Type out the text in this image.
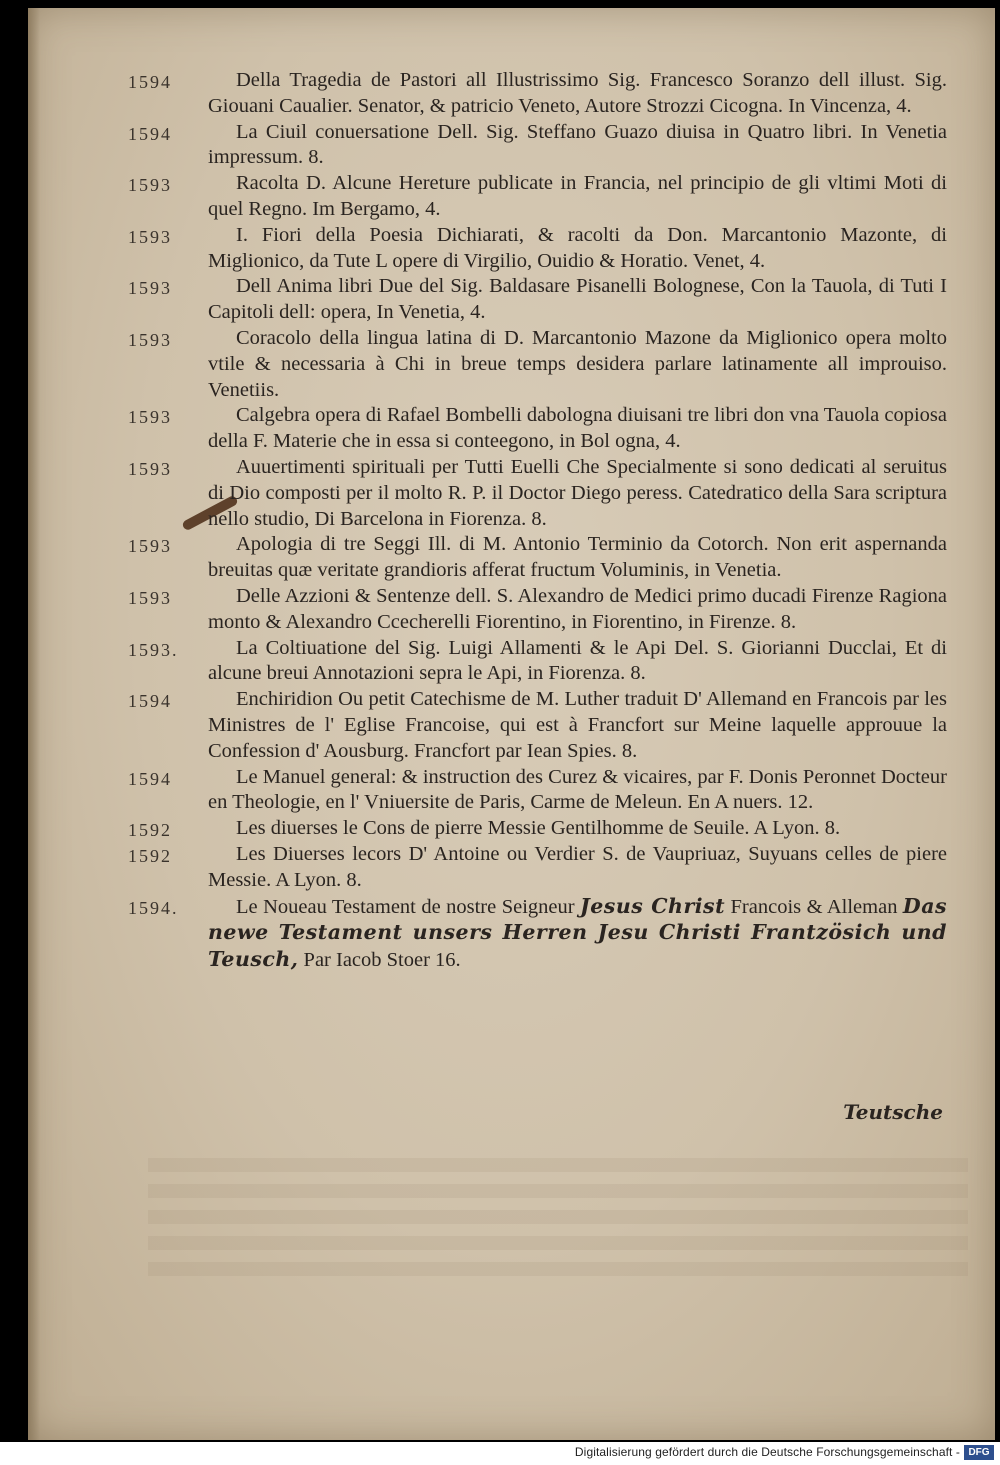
1594	Della Tragedia de Pastori all Illustrissimo Sig. Francesco Soranzo dell illust. Sig. Giouani Caualier. Senator, & patricio Veneto, Autore Strozzi Cicogna. In Vincenza, 4.
1594	La Ciuil conuersatione Dell. Sig. Steffano Guazo diuisa in Quatro libri. In Venetia impressum. 8.
1593	Racolta D. Alcune Hereture publicate in Francia, nel principio de gli vltimi Moti di quel Regno. Im Bergamo, 4.
1593	I. Fiori della Poesia Dichiarati, & racolti da Don. Marcantonio Mazonte, di Miglionico, da Tute L opere di Virgilio, Ouidio & Horatio. Venet, 4.
1593	Dell Anima libri Due del Sig. Baldasare Pisanelli Bolognese, Con la Tauola, di Tuti I Capitoli dell: opera, In Venetia, 4.
1593	Coracolo della lingua latina di D. Marcantonio Mazone da Miglionico opera molto vtile & necessaria à Chi in breue temps desidera parlare latinamente all improuiso. Venetiis.
1593	Calgebra opera di Rafael Bombelli dabologna diuisani tre libri don vna Tauola copiosa della F. Materie che in essa si conteegono, in Bol ogna, 4.
1593	Auuertimenti spirituali per Tutti Euelli Che Specialmente si sono dedicati al seruitus di Dio composti per il molto R. P. il Doctor Diego peress. Catedratico della Sara scriptura nello studio, Di Barcelona in Fiorenza. 8.
1593	Apologia di tre Seggi Ill. di M. Antonio Terminio da Cotorch. Non erit aspernanda breuitas quæ veritate grandioris afferat fructum Voluminis, in Venetia.
1593	Delle Azzioni & Sentenze dell. S. Alexandro de Medici primo ducadi Firenze Ragiona monto & Alexandro Ccecherelli Fiorentino, in Fiorentino, in Firenze. 8.
1593.	La Coltiuatione del Sig. Luigi Allamenti & le Api Del. S. Giorianni Ducclai, Et di alcune breui Annotazioni sepra le Api, in Fiorenza. 8.
1594	Enchiridion Ou petit Catechisme de M. Luther traduit D' Allemand en Francois par les Ministres de l' Eglise Francoise, qui est à Francfort sur Meine laquelle approuue la Confession d' Aousburg. Francfort par Iean Spies. 8.
1594	Le Manuel general: & instruction des Curez & vicaires, par F. Donis Peronnet Docteur en Theologie, en l' Vniuersite de Paris, Carme de Meleun. En A nuers. 12.
1592	Les diuerses le Cons de pierre Messie Gentilhomme de Seuile. A Lyon. 8.
1592	Les Diuerses lecors D' Antoine ou Verdier S. de Vaupriuaz, Suyuans celles de piere Messie. A Lyon. 8.
1594.	Le Noueau Testament de nostre Seigneur Jesus Christ Francois & Alleman Das newe Testament unsers Herren Jesu Christi Frantzösich und Teusch, Par Iacob Stoer 16.
Teutsche
Digitalisierung gefördert durch die Deutsche Forschungsgemeinschaft - DFG
